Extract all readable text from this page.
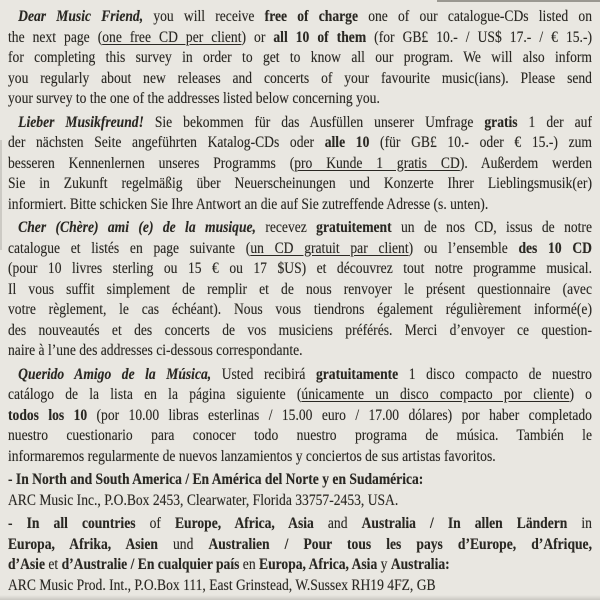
Dear Music Friend, you will receive free of charge one of our catalogue-CDs listed on
the next page (one free CD per client) or all 10 of them (for GB£ 10.- / US$ 17.- / € 15.-)
for completing this survey in order to get to know all our program. We will also inform
you regularly about new releases and concerts of your favourite music(ians). Please send
your survey to the one of the addresses listed below concerning you.
Lieber Musikfreund! Sie bekommen für das Ausfüllen unserer Umfrage gratis 1 der auf
der nächsten Seite angeführten Katalog-CDs oder alle 10 (für GB£ 10.- oder € 15.-) zum
besseren Kennenlernen unseres Programms (pro Kunde 1 gratis CD). Außerdem werden
Sie in Zukunft regelmäßig über Neuerscheinungen und Konzerte Ihrer Lieblingsmusik(er)
informiert. Bitte schicken Sie Ihre Antwort an die auf Sie zutreffende Adresse (s. unten).
Cher (Chère) ami (e) de la musique, recevez gratuitement un de nos CD, issus de notre
catalogue et listés en page suivante (un CD gratuit par client) ou l’ensemble des 10 CD
(pour 10 livres sterling ou 15 € ou 17 $US) et découvrez tout notre programme musical.
Il vous suffit simplement de remplir et de nous renvoyer le présent questionnaire (avec
votre règlement, le cas échéant). Nous vous tiendrons également régulièrement informé(e)
des nouveautés et des concerts de vos musiciens préférés. Merci d’envoyer ce question-
naire à l’une des addresses ci-dessous correspondante.
Querido Amigo de la Música, Usted recibirá gratuitamente 1 disco compacto de nuestro
catálogo de la lista en la página siguiente (únicamente un disco compacto por cliente) o
todos los 10 (por 10.00 libras esterlinas / 15.00 euro / 17.00 dólares) por haber completado
nuestro cuestionario para conocer todo nuestro programa de música. También le
informaremos regularmente de nuevos lanzamientos y conciertos de sus artistas favoritos.
- In North and South America / En América del Norte y en Sudamérica:
ARC Music Inc., P.O.Box 2453, Clearwater, Florida 33757-2453, USA.
- In all countries of Europe, Africa, Asia and Australia / In allen Ländern in
Europa, Afrika, Asien und Australien / Pour tous les pays d’Europe, d’Afrique,
d’Asie et d’Australie / En cualquier país en Europa, Africa, Asia y Australia:
ARC Music Prod. Int., P.O.Box 111, East Grinstead, W.Sussex RH19 4FZ, GB
